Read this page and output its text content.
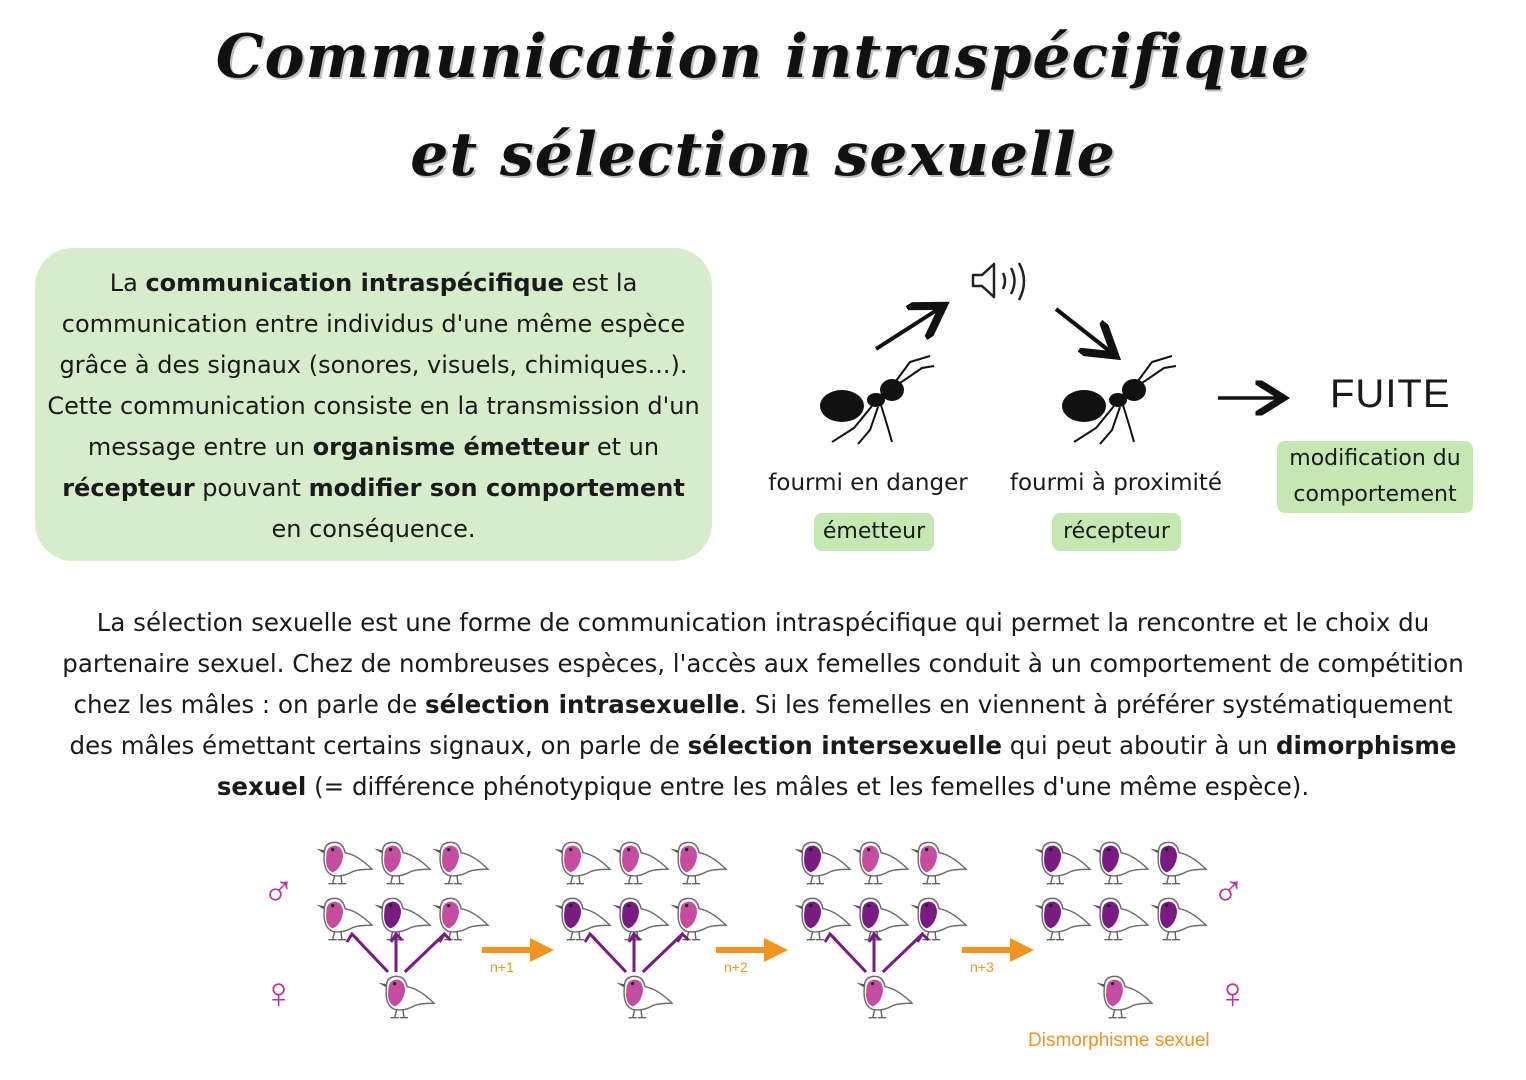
Communication intraspécifique
et sélection sexuelle
La communication intraspécifique est la communication entre individus d'une même espèce grâce à des signaux (sonores, visuels, chimiques...). Cette communication consiste en la transmission d'un message entre un organisme émetteur et un récepteur pouvant modifier son comportement en conséquence.
fourmi en danger fourmi à proximité
émetteur	récepteur
FUITE
modification du comportement
La sélection sexuelle est une forme de communication intraspécifique qui permet la rencontre et le choix du partenaire sexuel. Chez de nombreuses espèces, l'accès aux femelles conduit à un comportement de compétition chez les mâles : on parle de sélection intrasexuelle. Si les femelles en viennent à préférer systématiquement des mâles émettant certains signaux, on parle de sélection intersexuelle qui peut aboutir à un dimorphisme sexuel (= différence phénotypique entre les mâles et les femelles d'une même espèce).
♂
♀
♂
♀
n+1	n+2	n+3
Dismorphisme sexuel
